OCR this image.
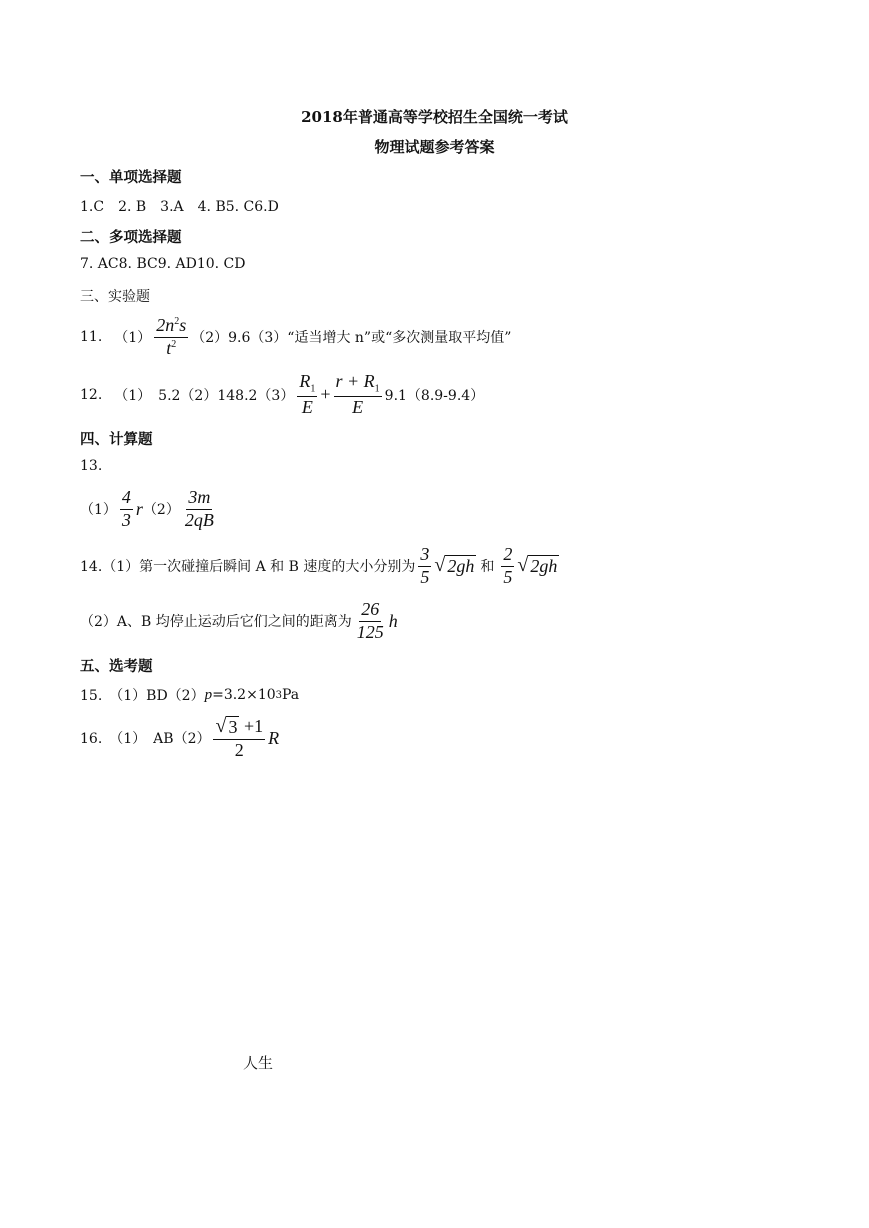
2018年普通高等学校招生全国统一考试
物理试题参考答案
一、单项选择题
1.C　2. B　3.A　4. B5. C6.D
二、多项选择题
7. AC8. BC9. AD10. CD
三、实验题
11. $(1) \frac{2n^2s}{t^2}$ （2）9.6（3）“适当增大 n”或“多次测量取平均值”
12. （1）　$5.2(2)148.2(3) \frac{R_1}{E} + \frac{r + R_1}{E} 9.1(8.9-9.4)$
四、计算题
13.
$(1) \frac{4}{3}$ r $(2) \frac{3m}{2qB}$
14.（1）第一次碰撞后瞬间 A 和 B 速度的大小分别为 $\frac{3}{5}$ √ 2gh 和 $\frac{2}{5}$ √ 2gh
（2）A、B 均停止运动后它们之间的距离为 $\frac{26}{125}$ h
五、选考题
15.　（1）BD（2） p =3.2×10 3 Pa
16.　（1）　$AB(2) \frac{√ 3 +1}{2}$ R
人生
